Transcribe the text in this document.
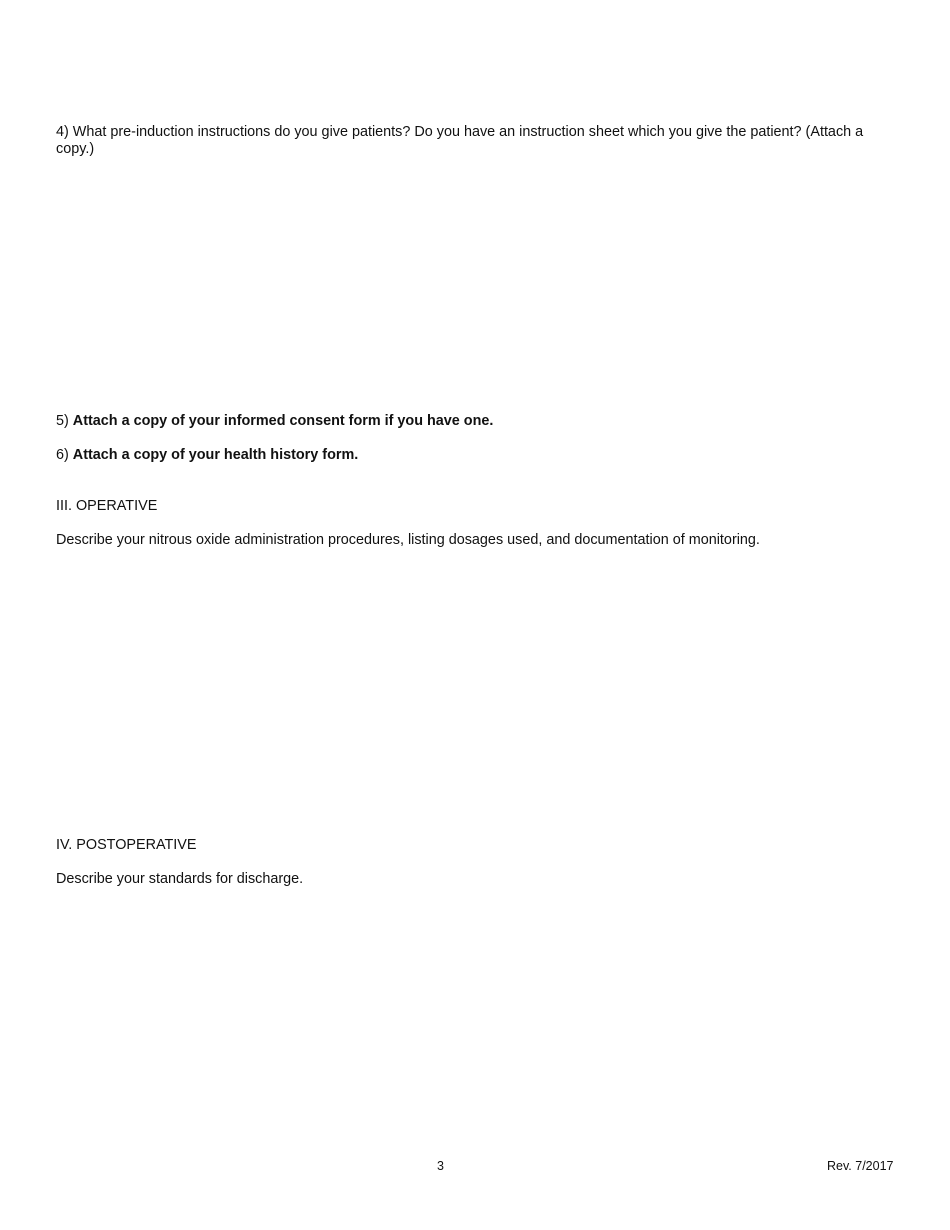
4) What pre-induction instructions do you give patients? Do you have an instruction sheet which you give the patient? (Attach a copy.)
5) Attach a copy of your informed consent form if you have one.
6) Attach a copy of your health history form.
III. OPERATIVE
Describe your nitrous oxide administration procedures, listing dosages used, and documentation of monitoring.
IV. POSTOPERATIVE
Describe your standards for discharge.
3	Rev. 7/2017
